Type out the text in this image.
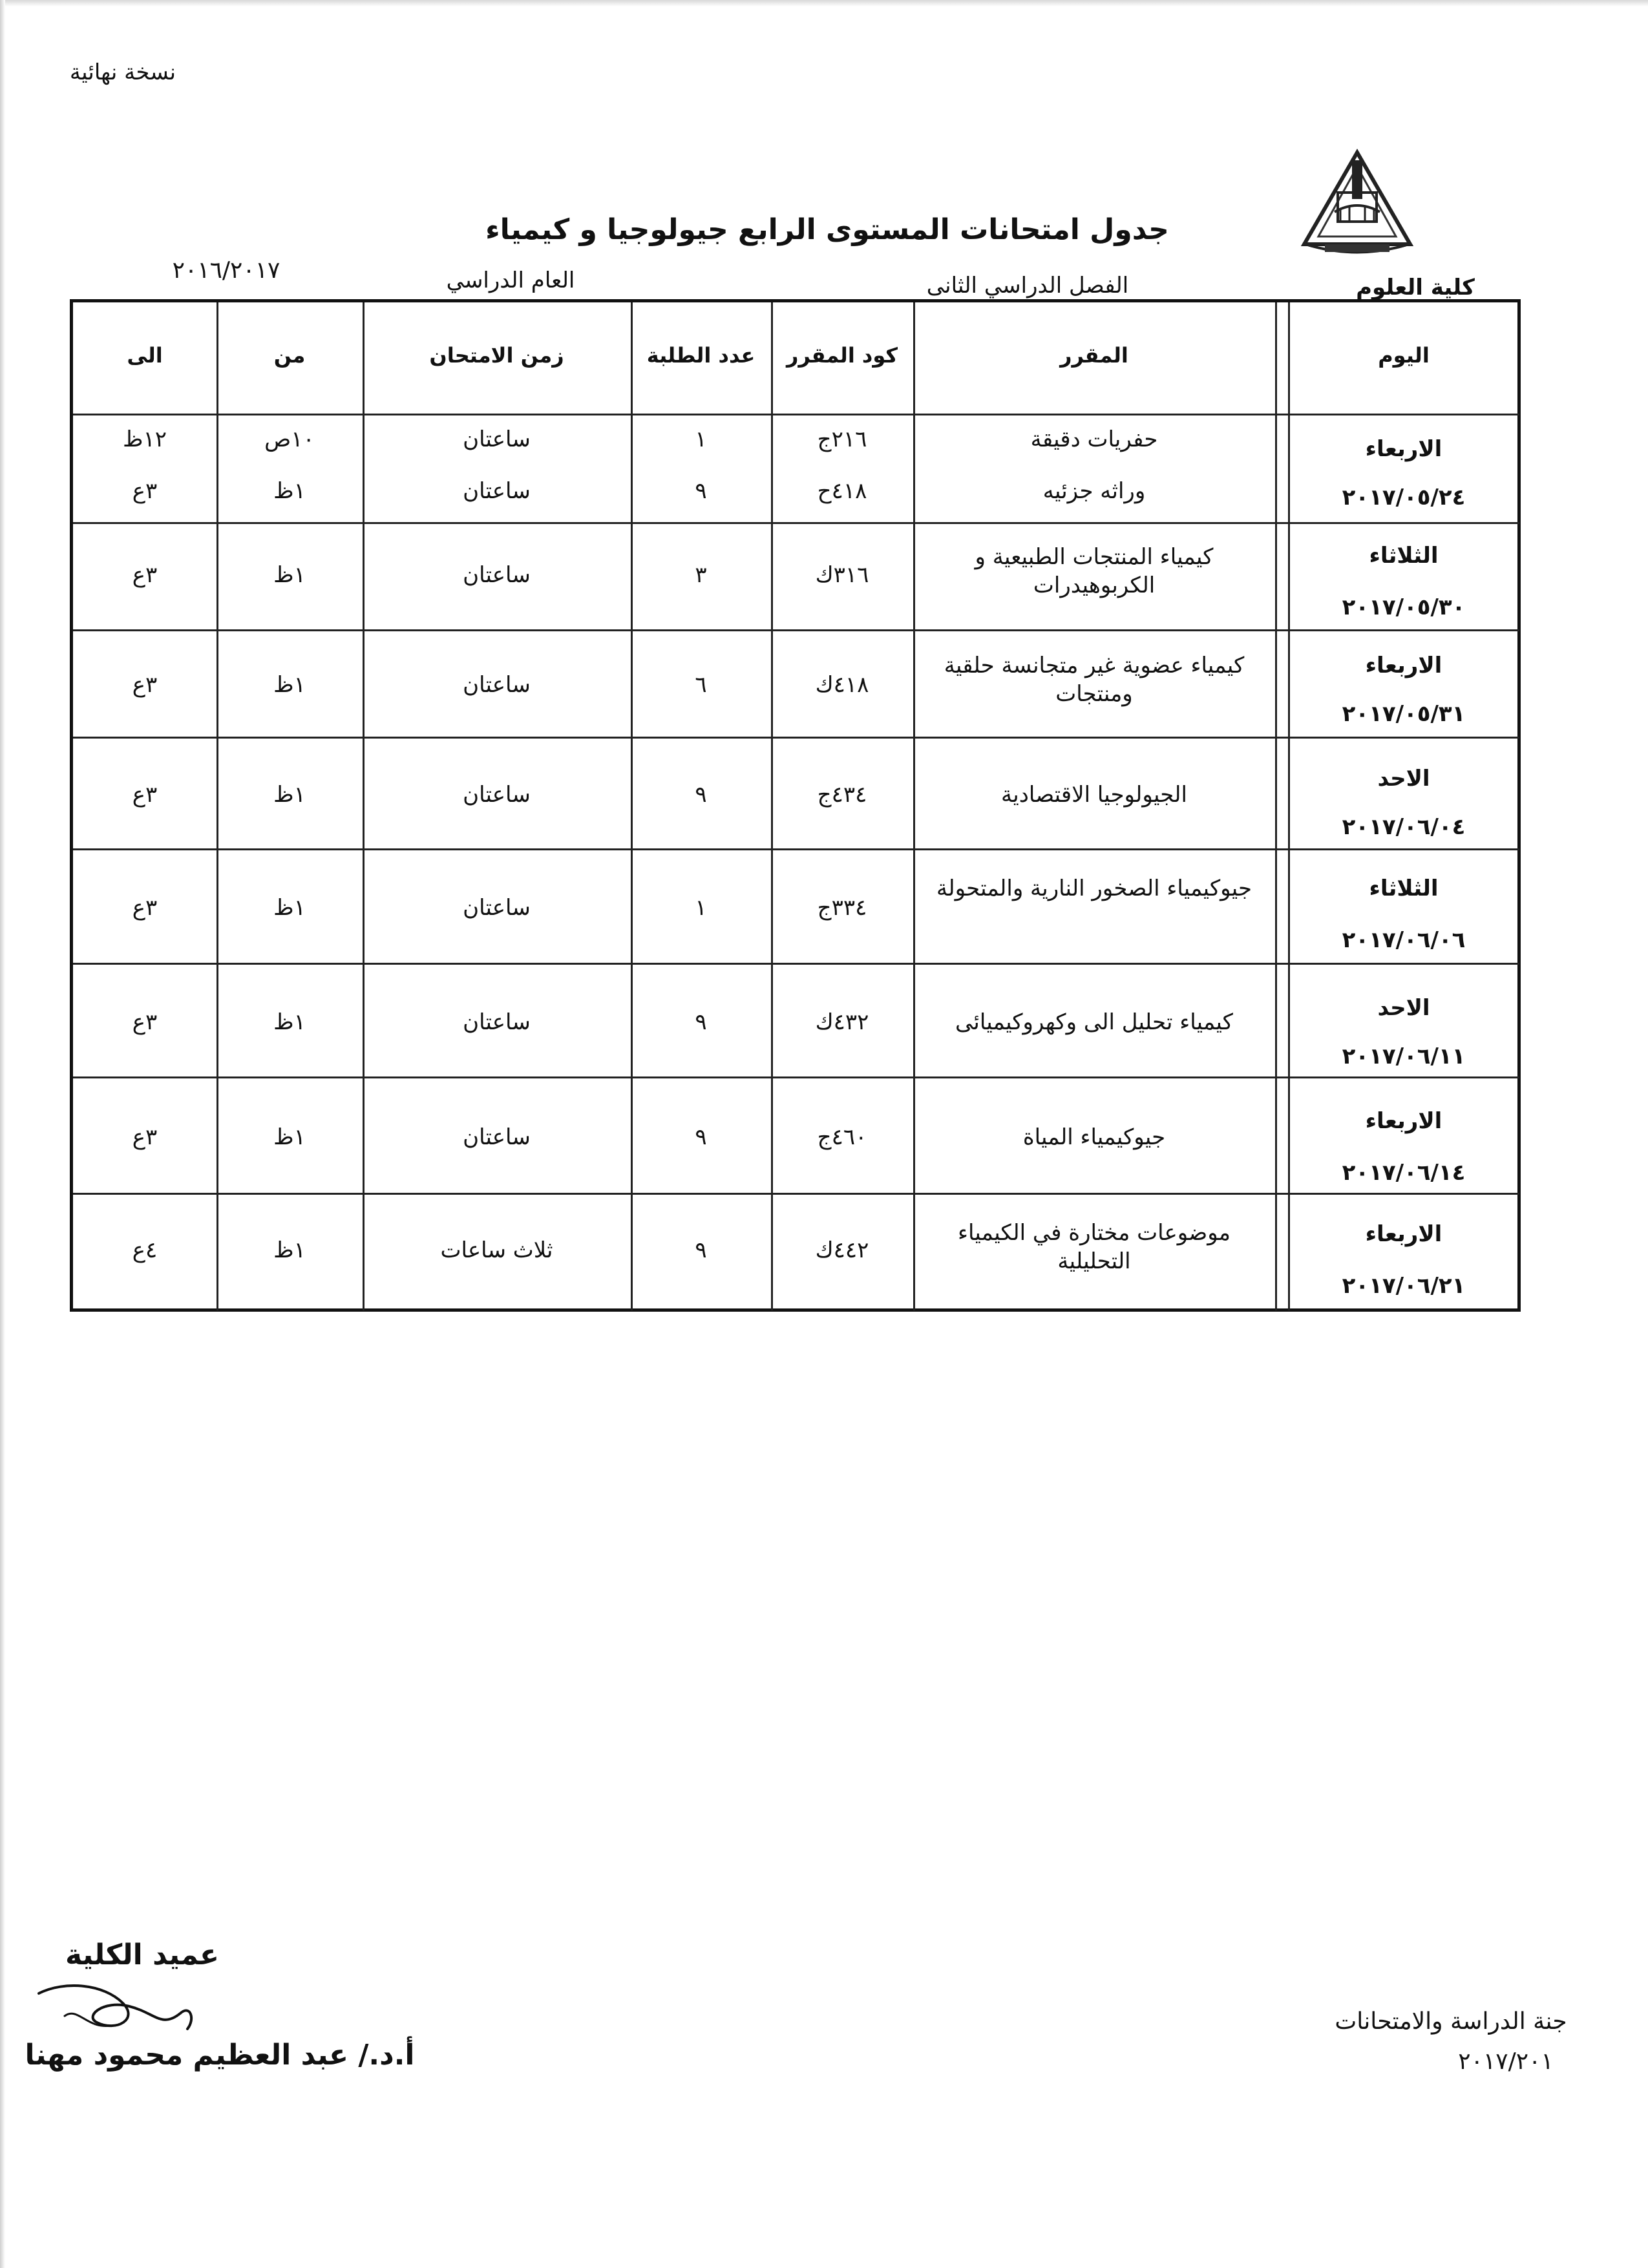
نسخة نهائية
جدول امتحانات المستوى الرابع جيولوجيا و كيمياء
كلية العلوم
الفصل الدراسي الثانى
العام الدراسي
٢٠١٦/٢٠١٧
اليوم
المقرر
كود المقرر
عدد الطلبة
زمن الامتحان
من
الى
الاربعاء
٢٠١٧/٠٥/٢٤
حفريات دقيقة
٢١٦ج
١
ساعتان
١٠ص
١٢ظ
وراثه جزئيه
٤١٨ح
٩
ساعتان
١ظ
٣ع
الثلاثاء
٢٠١٧/٠٥/٣٠
كيمياء المنتجات الطبيعية و الكربوهيدرات
٣١٦ك
٣
ساعتان
١ظ
٣ع
الاربعاء
٢٠١٧/٠٥/٣١
كيمياء عضوية غير متجانسة حلقية ومنتجات
٤١٨ك
٦
ساعتان
١ظ
٣ع
الاحد
٢٠١٧/٠٦/٠٤
الجيولوجيا الاقتصادية
٤٣٤ج
٩
ساعتان
١ظ
٣ع
الثلاثاء
٢٠١٧/٠٦/٠٦
جيوكيمياء الصخور النارية والمتحولة
٣٣٤ج
١
ساعتان
١ظ
٣ع
الاحد
٢٠١٧/٠٦/١١
كيمياء تحليل الى وكهروكيميائى
٤٣٢ك
٩
ساعتان
١ظ
٣ع
الاربعاء
٢٠١٧/٠٦/١٤
جيوكيمياء المياة
٤٦٠ج
٩
ساعتان
١ظ
٣ع
الاربعاء
٢٠١٧/٠٦/٢١
موضوعات مختارة في الكيمياء التحليلية
٤٤٢ك
٩
ثلاث ساعات
١ظ
٤ع
عميد الكلية
أ.د./ عبد العظيم محمود مهنا
جنة الدراسة والامتحانات
٢٠١٧/٢٠١
